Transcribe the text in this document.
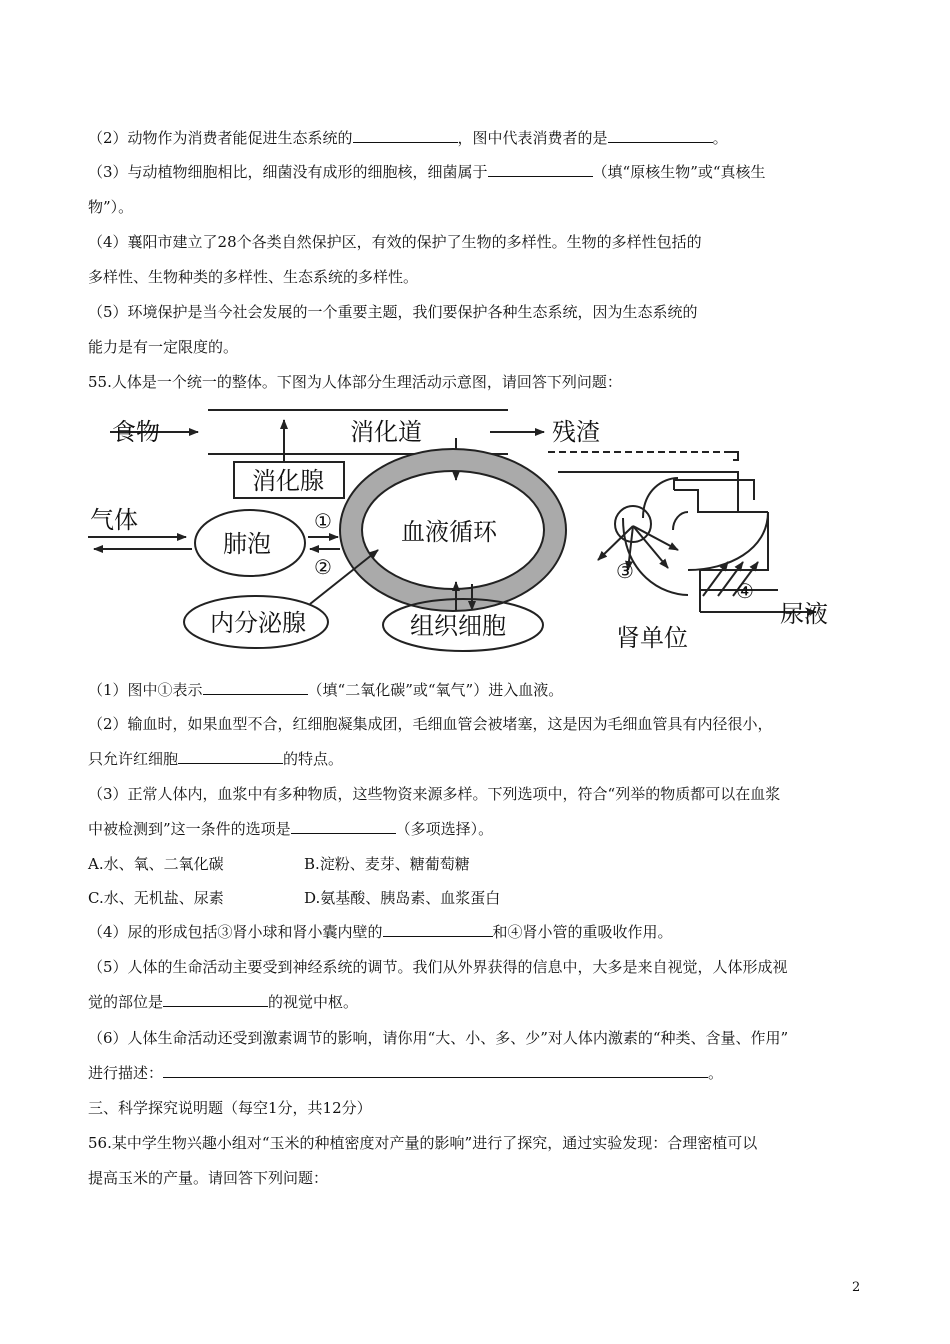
（2）动物作为消费者能促进生态系统的	，图中代表消费者的是	。
（3）与动植物细胞相比，细菌没有成形的细胞核，细菌属于	（填“原核生物”或“真核生
物”）。
（4）襄阳市建立了28个各类自然保护区，有效的保护了生物的多样性。生物的多样性包括的
多样性、生物种类的多样性、生态系统的多样性。
（5）环境保护是当今社会发展的一个重要主题，我们要保护各种生态系统，因为生态系统的
能力是有一定限度的。
55.人体是一个统一的整体。下图为人体部分生理活动示意图，请回答下列问题：
食物	消化道	残渣
消化腺
气体
肺泡	血液循环
内分泌腺	组织细胞	肾单位
尿液
①
②	③
④
（1）图中①表示	（填“二氧化碳”或“氧气”）进入血液。
（2）输血时，如果血型不合，红细胞凝集成团，毛细血管会被堵塞，这是因为毛细血管具有内径很小，
只允许红细胞	的特点。
（3）正常人体内，血浆中有多种物质，这些物资来源多样。下列选项中，符合“列举的物质都可以在血浆
中被检测到”这一条件的选项是	（多项选择）。
A.水、氧、二氧化碳	B.淀粉、麦芽、糖葡萄糖
C.水、无机盐、尿素	D.氨基酸、胰岛素、血浆蛋白
（4）尿的形成包括③肾小球和肾小囊内壁的	和④肾小管的重吸收作用。
（5）人体的生命活动主要受到神经系统的调节。我们从外界获得的信息中，大多是来自视觉，人体形成视
觉的部位是	的视觉中枢。
（6）人体生命活动还受到激素调节的影响，请你用“大、小、多、少”对人体内激素的“种类、含量、作用”
进行描述：	。
三、科学探究说明题（每空1分，共12分）
56.某中学生物兴趣小组对“玉米的种植密度对产量的影响”进行了探究，通过实验发现：合理密植可以
提高玉米的产量。请回答下列问题：
2
